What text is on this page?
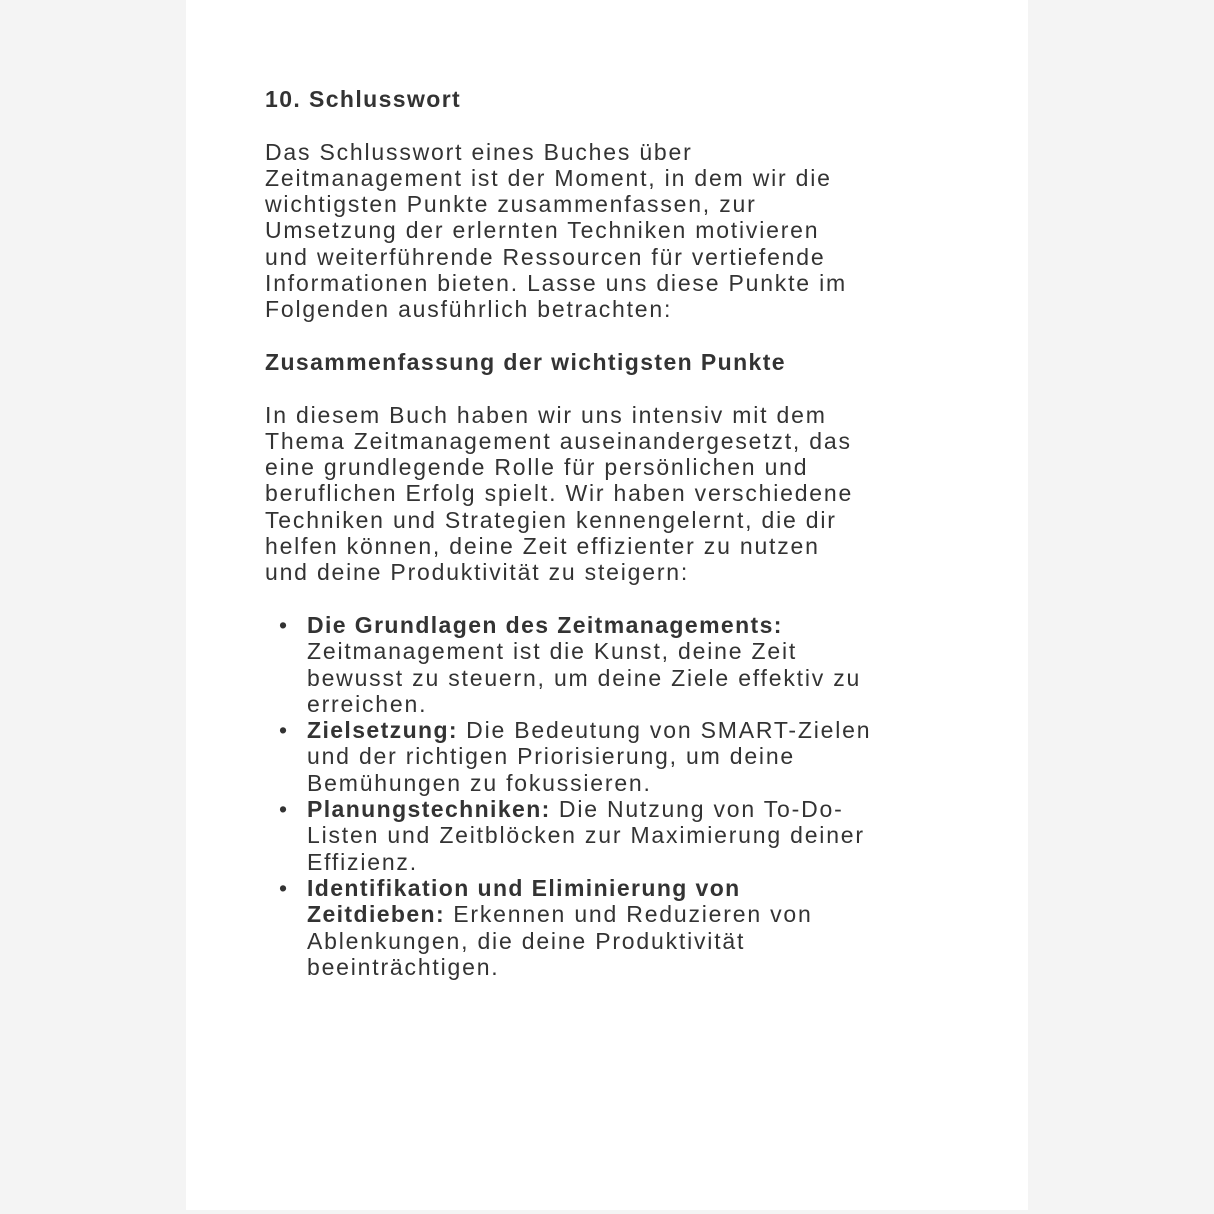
10. Schlusswort
Das Schlusswort eines Buches über
Zeitmanagement ist der Moment, in dem wir die
wichtigsten Punkte zusammenfassen, zur
Umsetzung der erlernten Techniken motivieren
und weiterführende Ressourcen für vertiefende
Informationen bieten. Lasse uns diese Punkte im
Folgenden ausführlich betrachten:
Zusammenfassung der wichtigsten Punkte
In diesem Buch haben wir uns intensiv mit dem
Thema Zeitmanagement auseinandergesetzt, das
eine grundlegende Rolle für persönlichen und
beruflichen Erfolg spielt. Wir haben verschiedene
Techniken und Strategien kennengelernt, die dir
helfen können, deine Zeit effizienter zu nutzen
und deine Produktivität zu steigern:
• Die Grundlagen des Zeitmanagements:
Zeitmanagement ist die Kunst, deine Zeit
bewusst zu steuern, um deine Ziele effektiv zu
erreichen.
• Zielsetzung: Die Bedeutung von SMART-Zielen
und der richtigen Priorisierung, um deine
Bemühungen zu fokussieren.
• Planungstechniken: Die Nutzung von To-Do-
Listen und Zeitblöcken zur Maximierung deiner
Effizienz.
• Identifikation und Eliminierung von
Zeitdieben: Erkennen und Reduzieren von
Ablenkungen, die deine Produktivität
beeinträchtigen.
